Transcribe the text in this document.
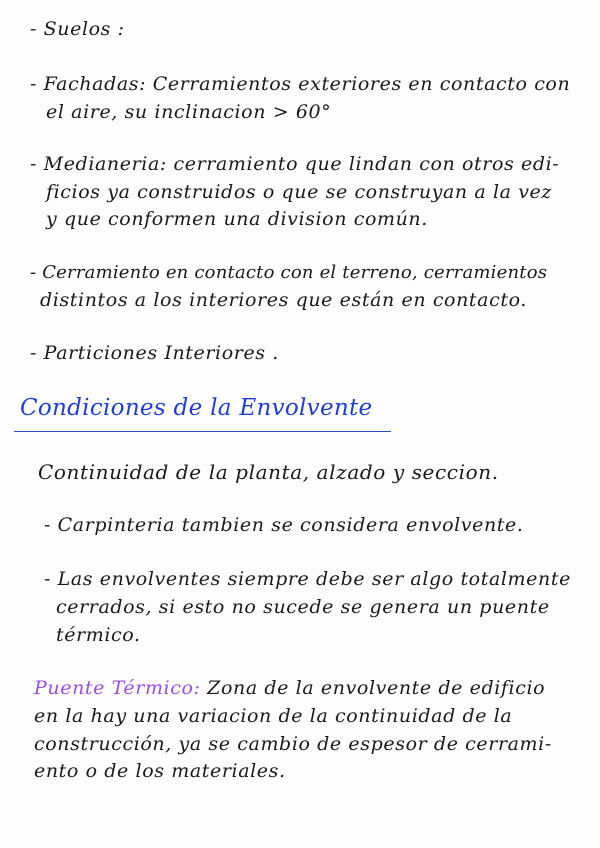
- Suelos :
- Fachadas: Cerramientos exteriores en contacto con
el aire, su inclinacion > 60°
- Medianeria: cerramiento que lindan con otros edi-
ficios ya construidos o que se construyan a la vez
y que conformen una division común.
- Cerramiento en contacto con el terreno, cerramientos
distintos a los interiores que están en contacto.
- Particiones Interiores .
Condiciones de la Envolvente
Continuidad de la planta, alzado y seccion.
- Carpinteria tambien se considera envolvente.
- Las envolventes siempre debe ser algo totalmente
cerrados, si esto no sucede se genera un puente
térmico.
Puente Térmico: Zona de la envolvente de edificio
en la hay una variacion de la continuidad de la
construcción, ya se cambio de espesor de cerrami-
ento o de los materiales.
